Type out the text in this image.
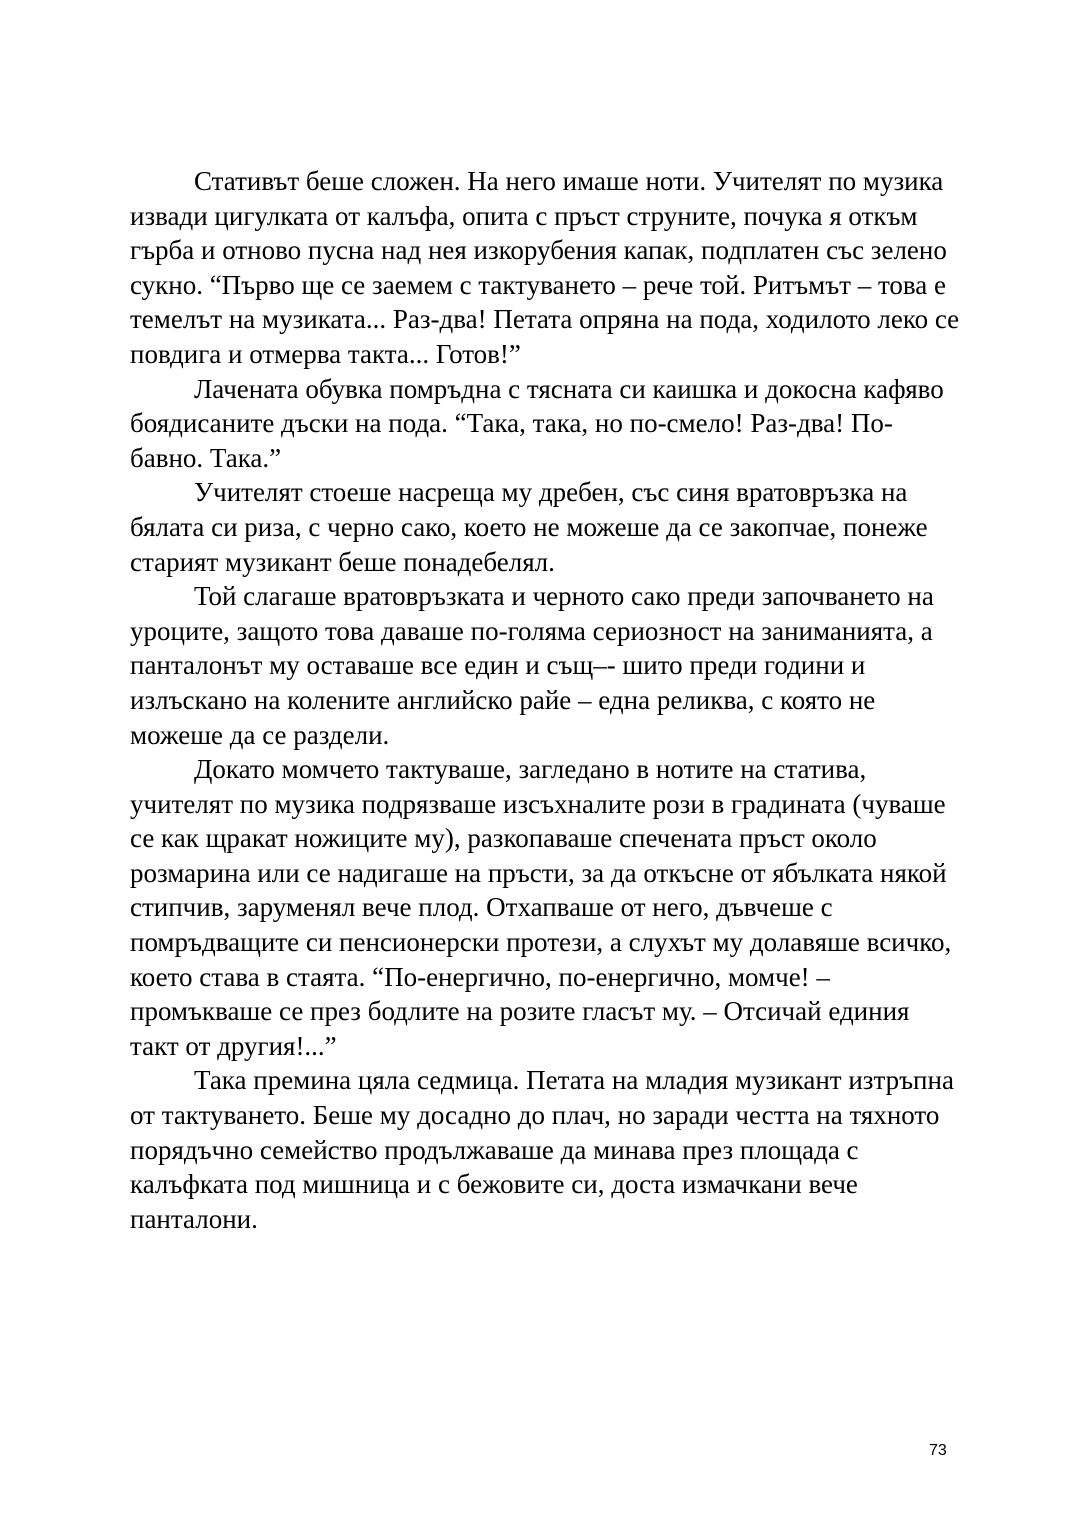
Стативът беше сложен. На него имаше ноти. Учителят по музика извади цигулката от калъфа, опита с пръст струните, почука я откъм гърба и отново пусна над нея изкорубения капак, подплатен със зелено сукно. “Първо ще се заемем с тактуването – рече той. Ритъмът – това е темелът на музиката... Раз-два! Петата опряна на пода, ходилото леко се повдига и отмерва такта... Готов!”

Лачената обувка помръдна с тясната си каишка и докосна кафяво боядисаните дъски на пода. “Така, така, но по-смело! Раз-два! По-бавно. Така.”

Учителят стоеше насреща му дребен, със синя вратовръзка на бялата си риза, с черно сако, което не можеше да се закопчае, понеже старият музикант беше понадебелял.

Той слагаше вратовръзката и черното сако преди започването на уроците, защото това даваше по-голяма сериозност на заниманията, а панталонът му оставаше все един и същ–- шито преди години и излъскано на колените английско райе – една реликва, с която не можеше да се раздели.

Докато момчето тактуваше, загледано в нотите на статива, учителят по музика подрязваше изсъхналите рози в градината (чуваше се как щракат ножиците му), разкопаваше спечената пръст около розмарина или се надигаше на пръсти, за да откъсне от ябълката някой стипчив, зарумeнял вече плод. Отхапваше от него, дъвчеше с помръдващите си пенсионерски протези, а слухът му долавяше всичко, което става в стаята. “По-енергично, по-енергично, момче! – промъкваше се през бодлите на розите гласът му. – Отсичай единия такт от другия!...”

Така премина цяла седмица. Петата на младия музикант изтръпна от тактуването. Беше му досадно до плач, но заради честта на тяхното порядъчно семейство продължаваше да минава през площада с калъфката под мишница и с бежовите си, доста измачкани вече панталони.

73
